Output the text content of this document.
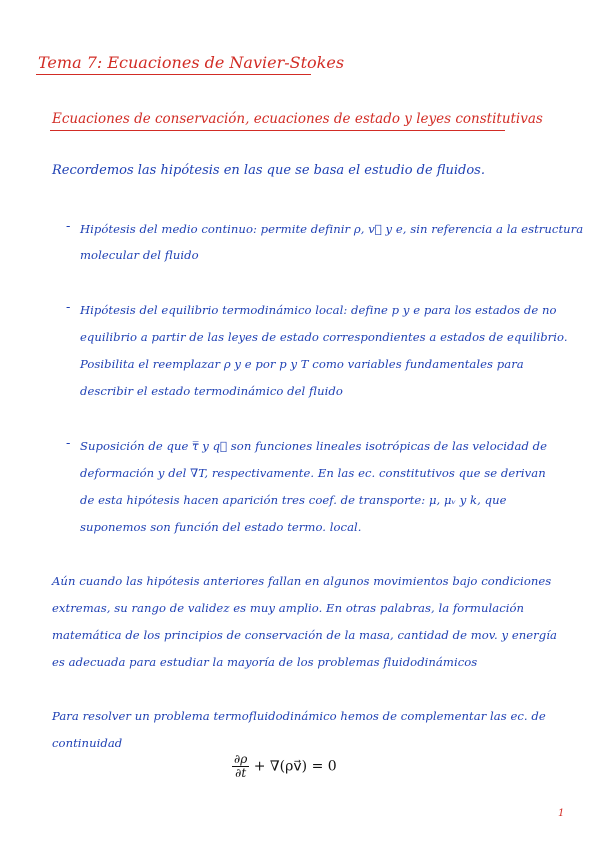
Tema 7: Ecuaciones de Navier-Stokes
Ecuaciones de conservación, ecuaciones de estado y leyes constitutivas
Recordemos las hipótesis en las que se basa el estudio de fluidos.
- Hipótesis del medio continuo: permite definir ρ, v⃗ y e, sin referencia a la estructura
molecular del fluido
- Hipótesis del equilibrio termodinámico local: define p y e para los estados de no
equilibrio a partir de las leyes de estado correspondientes a estados de equilibrio.
Posibilita el reemplazar ρ y e por p y T como variables fundamentales para
describir el estado termodinámico del fluido
- Suposición de que τ̿ y q⃗ son funciones lineales isotrópicas de las velocidad de
deformación y del ∇T, respectivamente. En las ec. constitutivos que se derivan
de esta hipótesis hacen aparición tres coef. de transporte: μ, μᵥ y k, que
suponemos son función del estado termo. local.
Aún cuando las hipótesis anteriores fallan en algunos movimientos bajo condiciones
extremas, su rango de validez es muy amplio. En otras palabras, la formulación
matemática de los principios de conservación de la masa, cantidad de mov. y energía
es adecuada para estudiar la mayoría de los problemas fluidodinámicos
Para resolver un problema termofluidodinámico hemos de complementar las ec. de
continuidad
$\frac{\partial\rho}{\partial t}$ + ∇(ρv⃗) = 0
1
